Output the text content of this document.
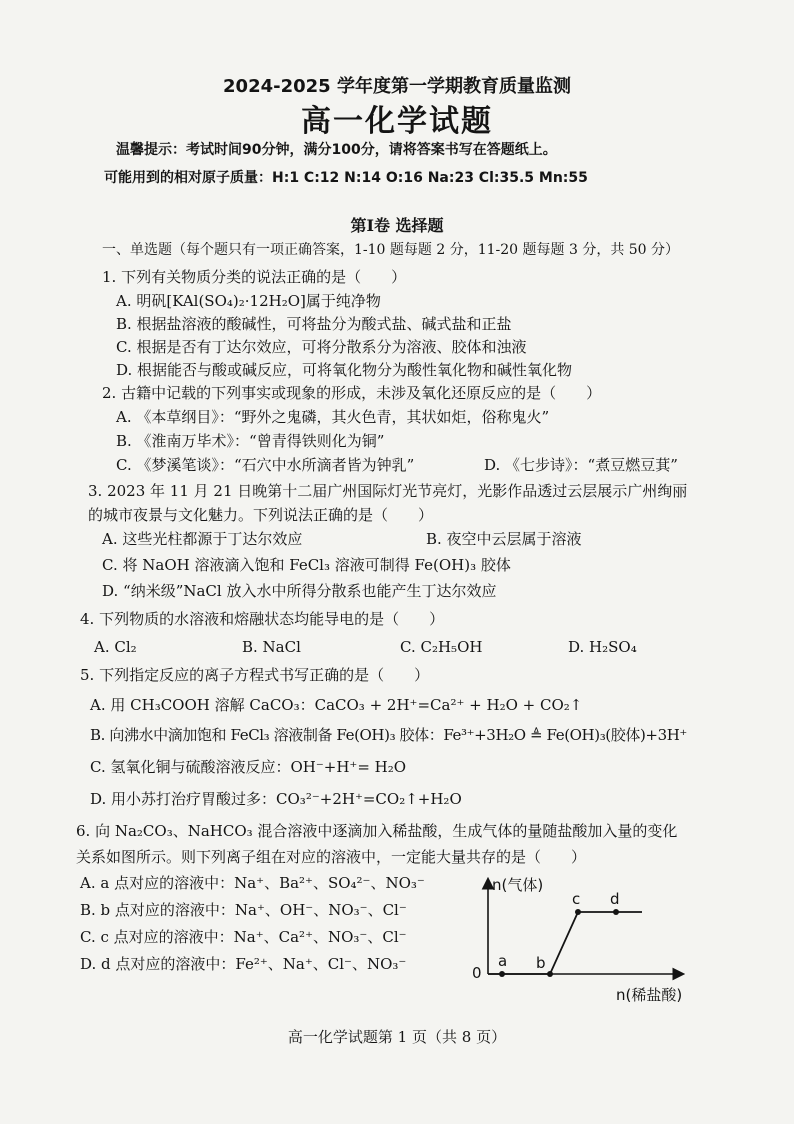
2024-2025 学年度第一学期教育质量监测
高一化学试题
温馨提示：考试时间90分钟，满分100分，请将答案书写在答题纸上。
可能用到的相对原子质量：H:1 C:12 N:14 O:16 Na:23 Cl:35.5 Mn:55
第Ⅰ卷 选择题
一、单选题（每个题只有一项正确答案，1-10 题每题 2 分，11-20 题每题 3 分，共 50 分）
1. 下列有关物质分类的说法正确的是（　　）
A. 明矾[KAl(SO₄)₂·12H₂O]属于纯净物
B. 根据盐溶液的酸碱性，可将盐分为酸式盐、碱式盐和正盐
C. 根据是否有丁达尔效应，可将分散系分为溶液、胶体和浊液
D. 根据能否与酸或碱反应，可将氧化物分为酸性氧化物和碱性氧化物
2. 古籍中记载的下列事实或现象的形成，未涉及氧化还原反应的是（　　）
A. 《本草纲目》：“野外之鬼磷，其火色青，其状如炬，俗称鬼火”
B. 《淮南万毕术》：“曾青得铁则化为铜”
C. 《梦溪笔谈》：“石穴中水所滴者皆为钟乳”	D. 《七步诗》：“煮豆燃豆萁”
3. 2023 年 11 月 21 日晚第十二届广州国际灯光节亮灯，光影作品透过云层展示广州绚丽
的城市夜景与文化魅力。下列说法正确的是（　　）
A. 这些光柱都源于丁达尔效应	B. 夜空中云层属于溶液
C. 将 NaOH 溶液滴入饱和 FeCl₃ 溶液可制得 Fe(OH)₃ 胶体
D. “纳米级”NaCl 放入水中所得分散系也能产生丁达尔效应
4. 下列物质的水溶液和熔融状态均能导电的是（　　）
A. Cl₂	B. NaCl	C. C₂H₅OH	D. H₂SO₄
5. 下列指定反应的离子方程式书写正确的是（　　）
A. 用 CH₃COOH 溶解 CaCO₃：CaCO₃ + 2H⁺=Ca²⁺ + H₂O + CO₂↑
B. 向沸水中滴加饱和 FeCl₃ 溶液制备 Fe(OH)₃ 胶体：Fe³⁺+3H₂O ≜ Fe(OH)₃(胶体)+3H⁺
C. 氢氧化铜与硫酸溶液反应：OH⁻+H⁺= H₂O
D. 用小苏打治疗胃酸过多：CO₃²⁻+2H⁺=CO₂↑+H₂O
6. 向 Na₂CO₃、NaHCO₃ 混合溶液中逐滴加入稀盐酸，生成气体的量随盐酸加入量的变化
关系如图所示。则下列离子组在对应的溶液中，一定能大量共存的是（　　）
A. a 点对应的溶液中：Na⁺、Ba²⁺、SO₄²⁻、NO₃⁻
B. b 点对应的溶液中：Na⁺、OH⁻、NO₃⁻、Cl⁻
C. c 点对应的溶液中：Na⁺、Ca²⁺、NO₃⁻、Cl⁻
D. d 点对应的溶液中：Fe²⁺、Na⁺、Cl⁻、NO₃⁻
n(气体)
n(稀盐酸)
0
a b
c d
高一化学试题第 1 页（共 8 页）
